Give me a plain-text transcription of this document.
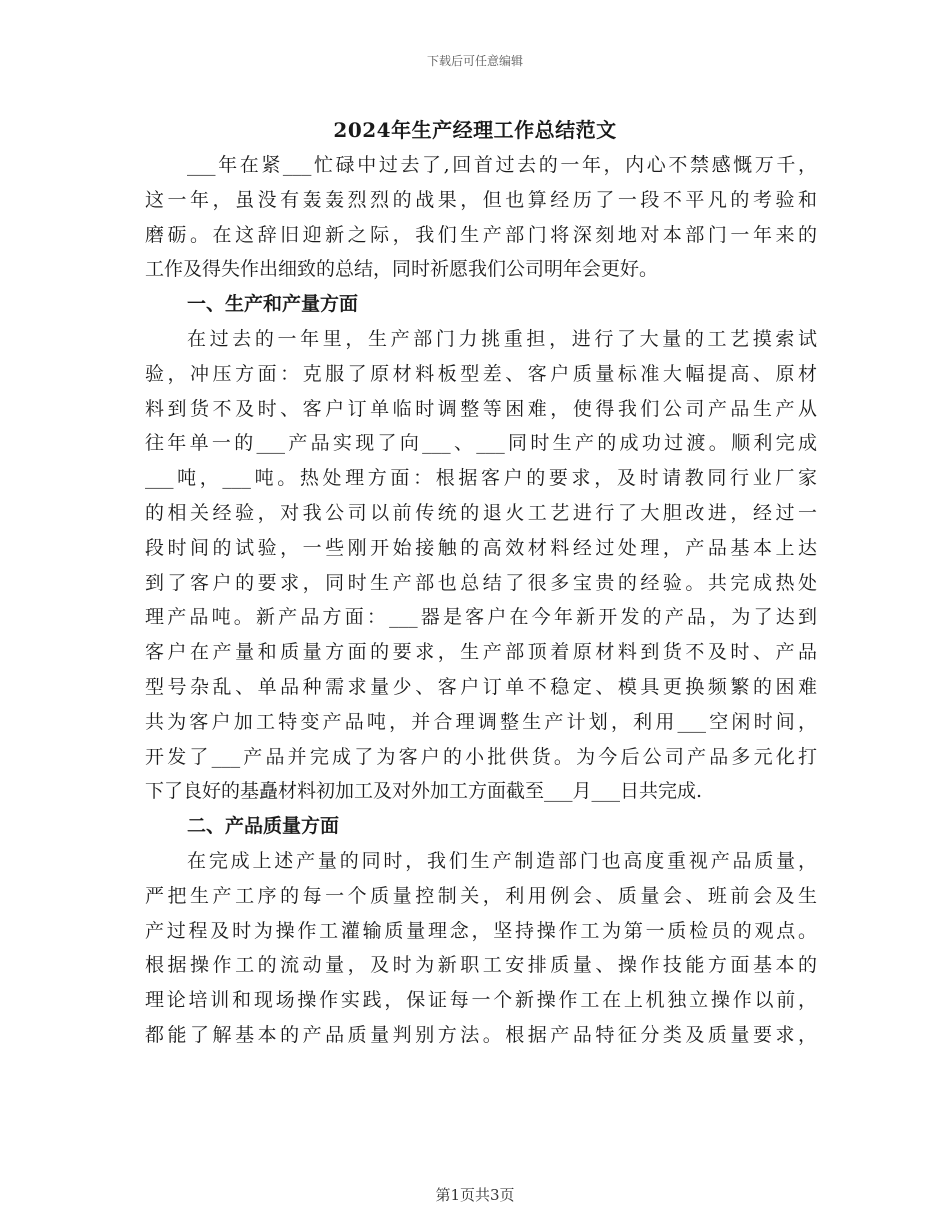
下载后可任意编辑
2024年生产经理工作总结范文
___年在紧___忙碌中过去了,回首过去的一年，内心不禁感慨万千，
这一年，虽没有轰轰烈烈的战果，但也算经历了一段不平凡的考验和
磨砺。在这辞旧迎新之际，我们生产部门将深刻地对本部门一年来的
工作及得失作出细致的总结，同时祈愿我们公司明年会更好。
一、生产和产量方面
在过去的一年里，生产部门力挑重担，进行了大量的工艺摸索试
验，冲压方面：克服了原材料板型差、客户质量标准大幅提高、原材
料到货不及时、客户订单临时调整等困难，使得我们公司产品生产从
往年单一的___产品实现了向___、___同时生产的成功过渡。顺利完成
___吨，___吨。热处理方面：根据客户的要求，及时请教同行业厂家
的相关经验，对我公司以前传统的退火工艺进行了大胆改进，经过一
段时间的试验，一些刚开始接触的高效材料经过处理，产品基本上达
到了客户的要求，同时生产部也总结了很多宝贵的经验。共完成热处
理产品吨。新产品方面：___器是客户在今年新开发的产品，为了达到
客户在产量和质量方面的要求，生产部顶着原材料到货不及时、产品
型号杂乱、单品种需求量少、客户订单不稳定、模具更换频繁的困难
共为客户加工特变产品吨，并合理调整生产计划，利用___空闲时间，
开发了___产品并完成了为客户的小批供货。为今后公司产品多元化打
下了良好的基矗材料初加工及对外加工方面截至___月___日共完成.
二、产品质量方面
在完成上述产量的同时，我们生产制造部门也高度重视产品质量，
严把生产工序的每一个质量控制关，利用例会、质量会、班前会及生
产过程及时为操作工灌输质量理念，坚持操作工为第一质检员的观点。
根据操作工的流动量，及时为新职工安排质量、操作技能方面基本的
理论培训和现场操作实践，保证每一个新操作工在上机独立操作以前，
都能了解基本的产品质量判别方法。根据产品特征分类及质量要求，
第1页共3页
